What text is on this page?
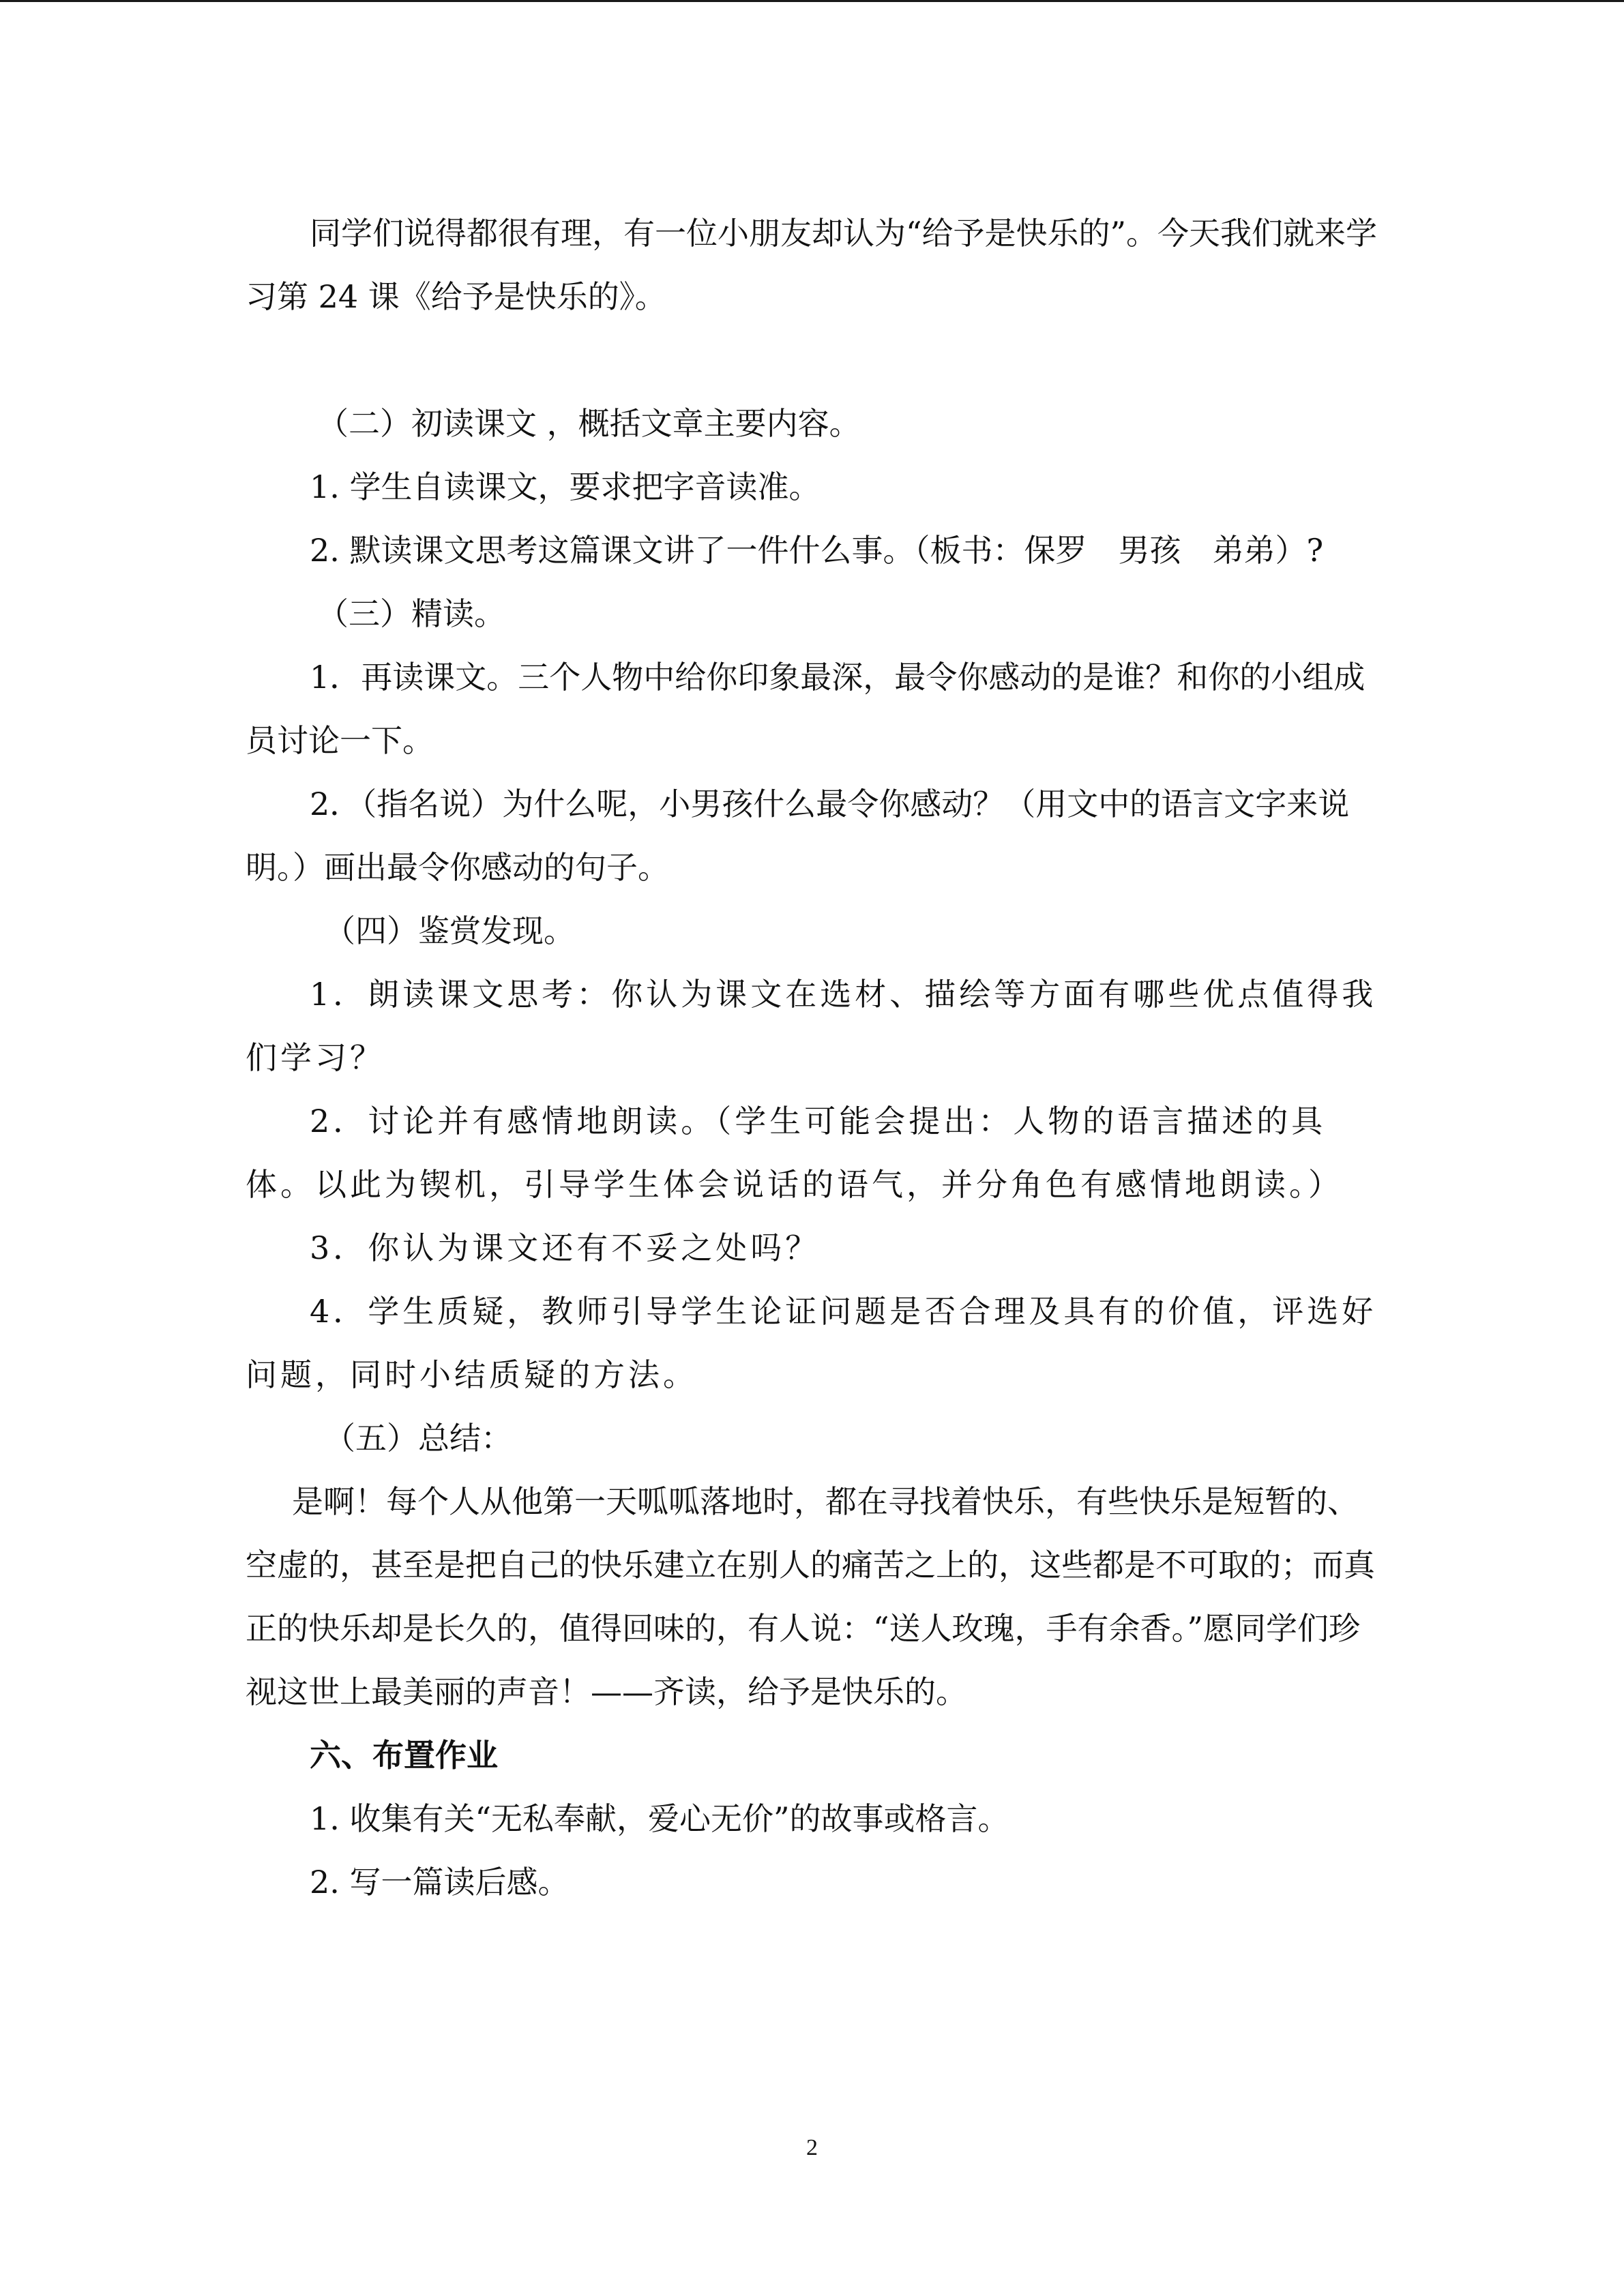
同学们说得都很有理，有一位小朋友却认为“给予是快乐的”。今天我们就来学习第 24 课《给予是快乐的》。

（二）初读课文 ，概括文章主要内容。

1. 学生自读课文，要求把字音读准。

2. 默读课文思考这篇课文讲了一件什么事。（板书：保罗　男孩　弟弟）?

（三）精读。

1．再读课文。三个人物中给你印象最深，最令你感动的是谁？和你的小组成员讨论一下。

2．（指名说）为什么呢，小男孩什么最令你感动？（用文中的语言文字来说明。）画出最令你感动的句子。

（四）鉴赏发现。

1．朗读课文思考：你认为课文在选材、描绘等方面有哪些优点值得我们学习？

2．讨论并有感情地朗读。（学生可能会提出：人物的语言描述的具体。以此为锲机，引导学生体会说话的语气，并分角色有感情地朗读。）

3．你认为课文还有不妥之处吗？

4．学生质疑，教师引导学生论证问题是否合理及具有的价值，评选好问题，同时小结质疑的方法。

（五）总结：

是啊！每个人从他第一天呱呱落地时，都在寻找着快乐，有些快乐是短暂的、空虚的，甚至是把自己的快乐建立在别人的痛苦之上的，这些都是不可取的；而真正的快乐却是长久的，值得回味的，有人说：“送人玫瑰，手有余香。”愿同学们珍视这世上最美丽的声音！——齐读，给予是快乐的。

六、布置作业

1. 收集有关“无私奉献，爱心无价”的故事或格言。

2. 写一篇读后感。

2
